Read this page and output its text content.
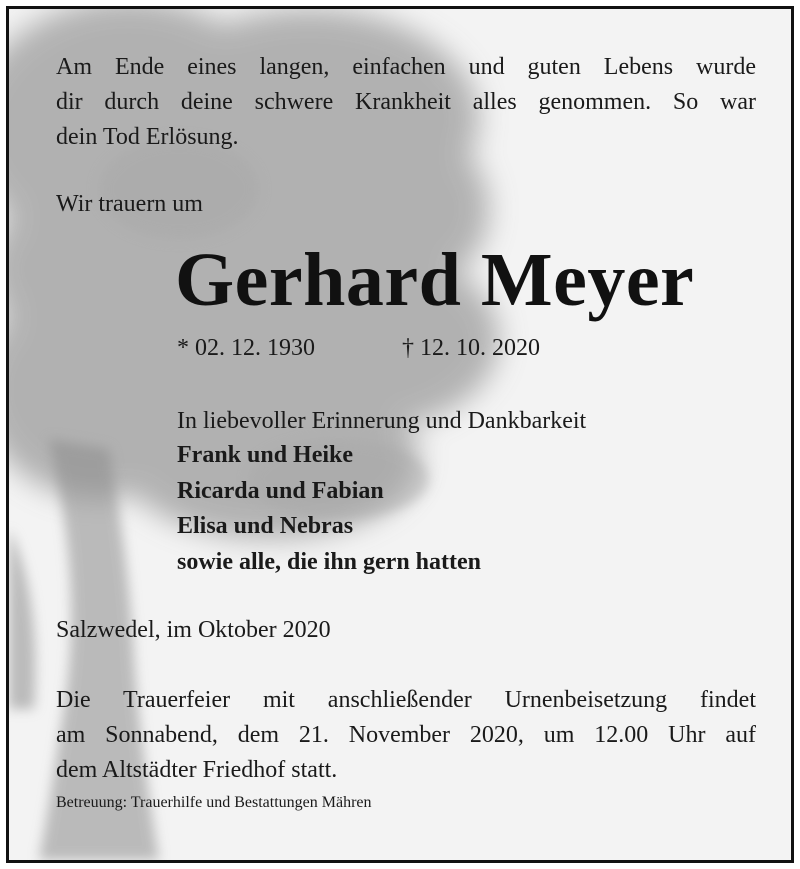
Am Ende eines langen, einfachen und guten Lebens wurde
dir durch deine schwere Krankheit alles genommen. So war
dein Tod Erlösung.
Wir trauern um
Gerhard Meyer
* 02. 12. 1930	† 12. 10. 2020
In liebevoller Erinnerung und Dankbarkeit
Frank und Heike
Ricarda und Fabian
Elisa und Nebras
sowie alle, die ihn gern hatten
Salzwedel, im Oktober 2020
Die Trauerfeier mit anschließender Urnenbeisetzung findet
am Sonnabend, dem 21. November 2020, um 12.00 Uhr auf
dem Altstädter Friedhof statt.
Betreuung: Trauerhilfe und Bestattungen Mähren
